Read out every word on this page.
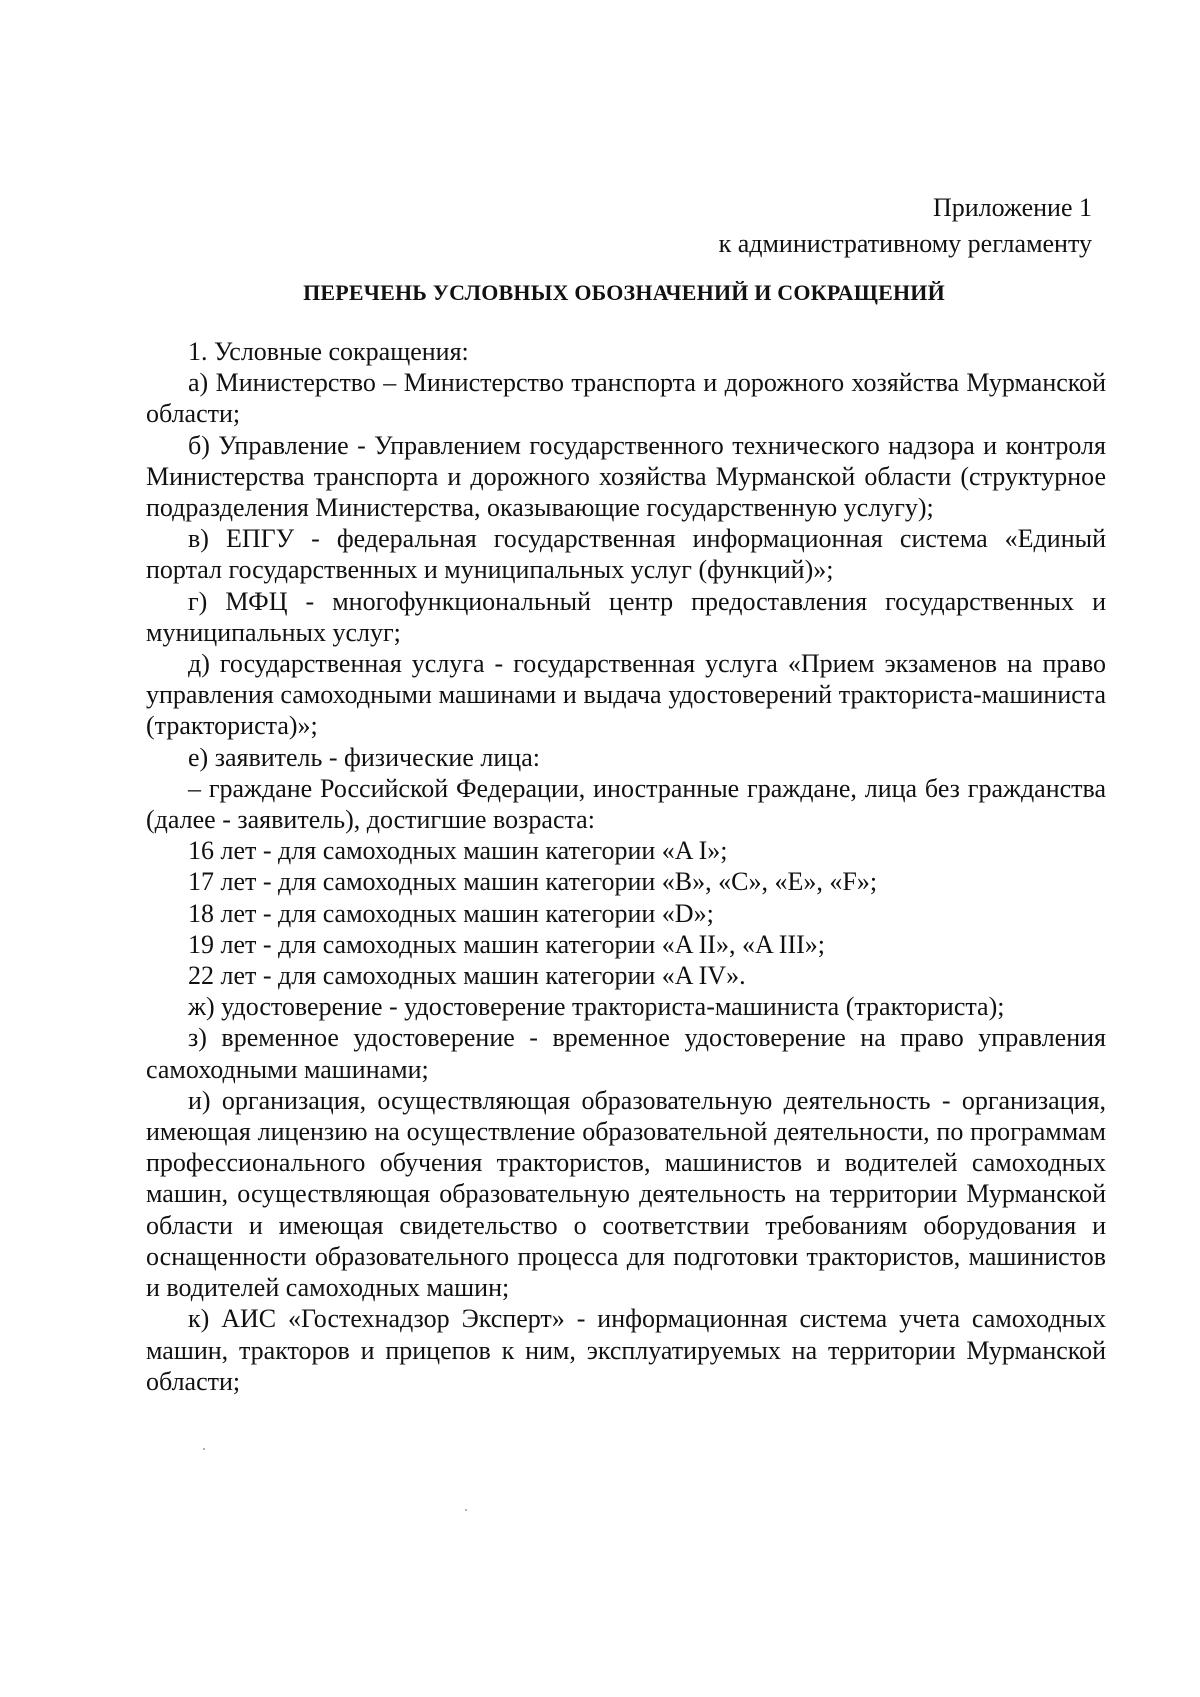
Приложение 1
к административному регламенту
ПЕРЕЧЕНЬ УСЛОВНЫХ ОБОЗНАЧЕНИЙ И СОКРАЩЕНИЙ

1. Условные сокращения:

а) Министерство – Министерство транспорта и дорожного хозяйства Мурманской области;

б) Управление - Управлением государственного технического надзора и контроля Министерства транспорта и дорожного хозяйства Мурманской области (структурное подразделения Министерства, оказывающие государственную услугу);

в) ЕПГУ - федеральная государственная информационная система «Единый портал государственных и муниципальных услуг (функций)»;

г) МФЦ - многофункциональный центр предоставления государственных и муниципальных услуг;

д) государственная услуга - государственная услуга «Прием экзаменов на право управления самоходными машинами и выдача удостоверений тракториста-машиниста (тракториста)»;

е) заявитель - физические лица:

– граждане Российской Федерации, иностранные граждане, лица без гражданства (далее - заявитель), достигшие возраста:

16 лет - для самоходных машин категории «A I»;

17 лет - для самоходных машин категории «B», «C», «E», «F»;

18 лет - для самоходных машин категории «D»;

19 лет - для самоходных машин категории «A II», «A III»;

22 лет - для самоходных машин категории «A IV».

ж) удостоверение - удостоверение тракториста-машиниста (тракториста);

з) временное удостоверение - временное удостоверение на право управления самоходными машинами;

и) организация, осуществляющая образовательную деятельность - организация, имеющая лицензию на осуществление образовательной деятельности, по программам профессионального обучения трактористов, машинистов и водителей самоходных машин, осуществляющая образовательную деятельность на территории Мурманской области и имеющая свидетельство о соответствии требованиям оборудования и оснащенности образовательного процесса для подготовки трактористов, машинистов и водителей самоходных машин;

к) АИС «Гостехнадзор Эксперт» - информационная система учета самоходных машин, тракторов и прицепов к ним, эксплуатируемых на территории Мурманской области;
